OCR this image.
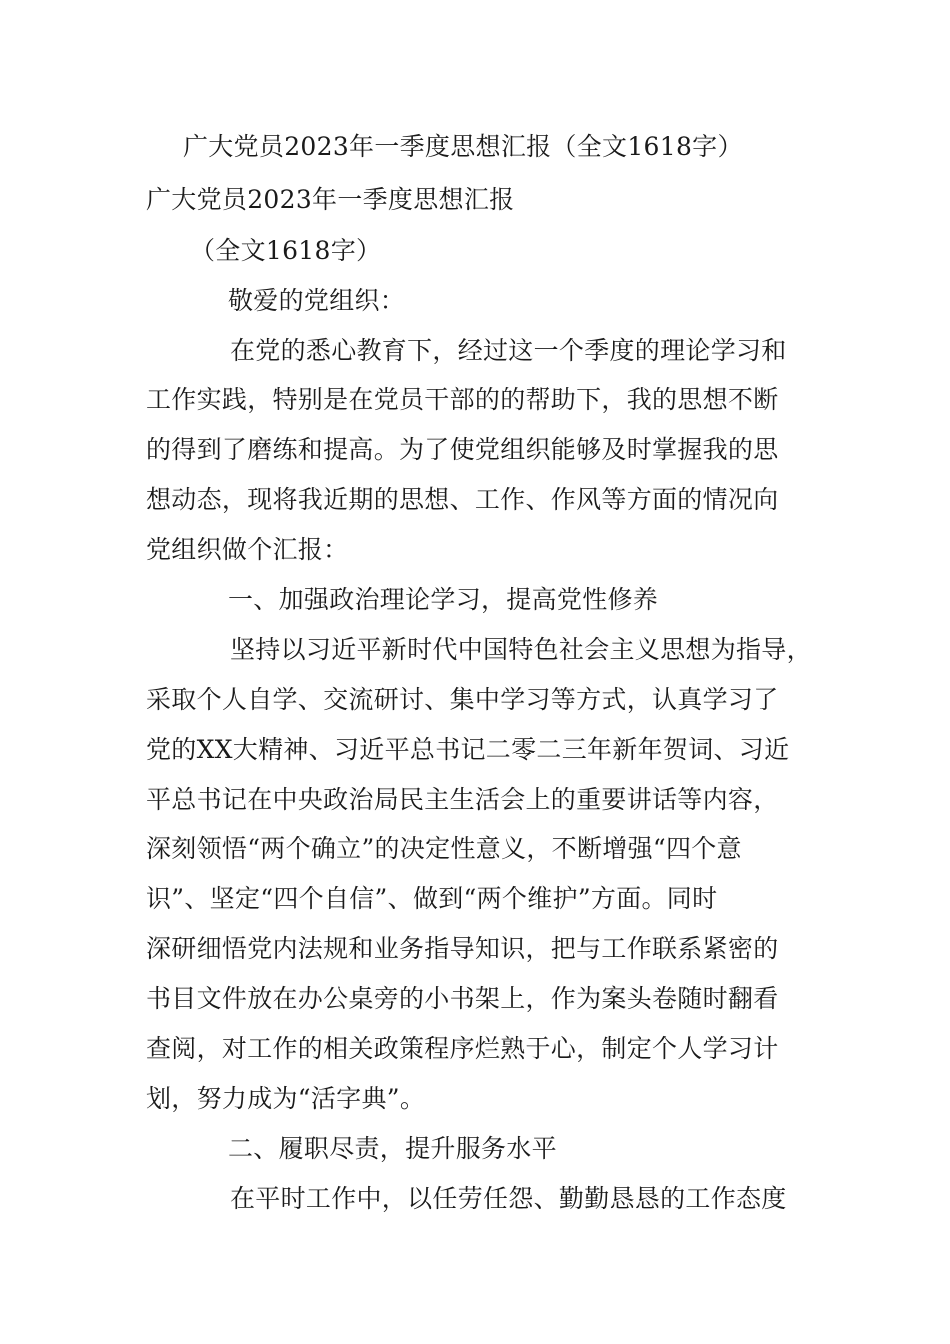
广大党员2023年一季度思想汇报（全文1618字）
广大党员2023年一季度思想汇报
（全文1618字）
敬爱的党组织：
在党的悉心教育下，经过这一个季度的理论学习和
工作实践，特别是在党员干部的的帮助下，我的思想不断
的得到了磨练和提高。为了使党组织能够及时掌握我的思
想动态，现将我近期的思想、工作、作风等方面的情况向
党组织做个汇报：
一、加强政治理论学习，提高党性修养
坚持以习近平新时代中国特色社会主义思想为指导，
采取个人自学、交流研讨、集中学习等方式，认真学习了
党的XX大精神、习近平总书记二零二三年新年贺词、习近
平总书记在中央政治局民主生活会上的重要讲话等内容，
深刻领悟“两个确立”的决定性意义，不断增强“四个意
识”、坚定“四个自信”、做到“两个维护”方面。同时
深研细悟党内法规和业务指导知识，把与工作联系紧密的
书目文件放在办公桌旁的小书架上，作为案头卷随时翻看
查阅，对工作的相关政策程序烂熟于心，制定个人学习计
划，努力成为“活字典”。
二、履职尽责，提升服务水平
在平时工作中，以任劳任怨、勤勤恳恳的工作态度
